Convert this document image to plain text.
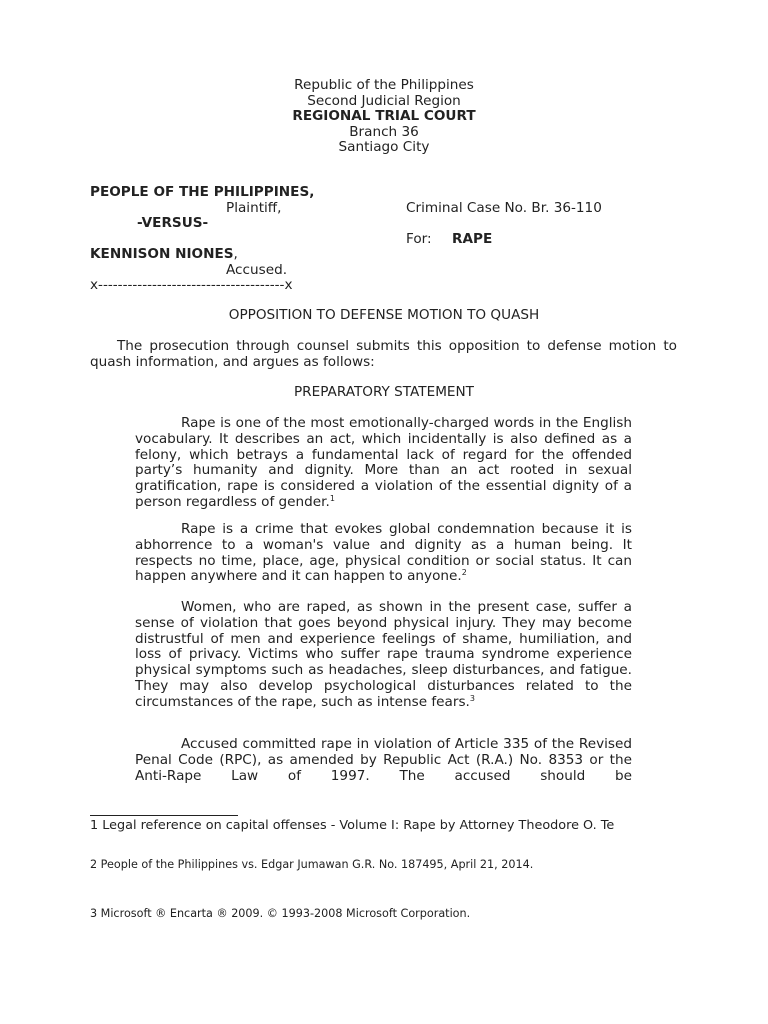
Republic of the Philippines
Second Judicial Region
REGIONAL TRIAL COURT
Branch 36
Santiago City
PEOPLE OF THE PHILIPPINES,
Plaintiff,	Criminal Case No. Br. 36-110
-VERSUS-
For: RAPE
KENNISON NIONES,
Accused.
x--------------------------------------x
OPPOSITION TO DEFENSE MOTION TO QUASH
The prosecution through counsel submits this opposition to defense motion to quash information, and argues as follows:
PREPARATORY STATEMENT

Rape is one of the most emotionally-charged words in the English vocabulary. It describes an act, which incidentally is also defined as a felony, which betrays a fundamental lack of regard for the offended party’s humanity and dignity. More than an act rooted in sexual gratification, rape is considered a violation of the essential dignity of a person regardless of gender.$^1$

Rape is a crime that evokes global condemnation because it is abhorrence to a woman's value and dignity as a human being. It respects no time, place, age, physical condition or social status. It can happen anywhere and it can happen to anyone.$^2$

Women, who are raped, as shown in the present case, suffer a sense of violation that goes beyond physical injury. They may become distrustful of men and experience feelings of shame, humiliation, and loss of privacy. Victims who suffer rape trauma syndrome experience physical symptoms such as headaches, sleep disturbances, and fatigue. They may also develop psychological disturbances related to the circumstances of the rape, such as intense fears.$^3$

Accused committed rape in violation of Article 335 of the Revised Penal Code (RPC), as amended by Republic Act (R.A.) No. 8353 or the Anti-Rape Law of 1997. The accused should be

1 Legal reference on capital offenses - Volume I: Rape by Attorney Theodore O. Te
2 People of the Philippines vs. Edgar Jumawan G.R. No. 187495, April 21, 2014.
3 Microsoft ® Encarta ® 2009. © 1993-2008 Microsoft Corporation.
